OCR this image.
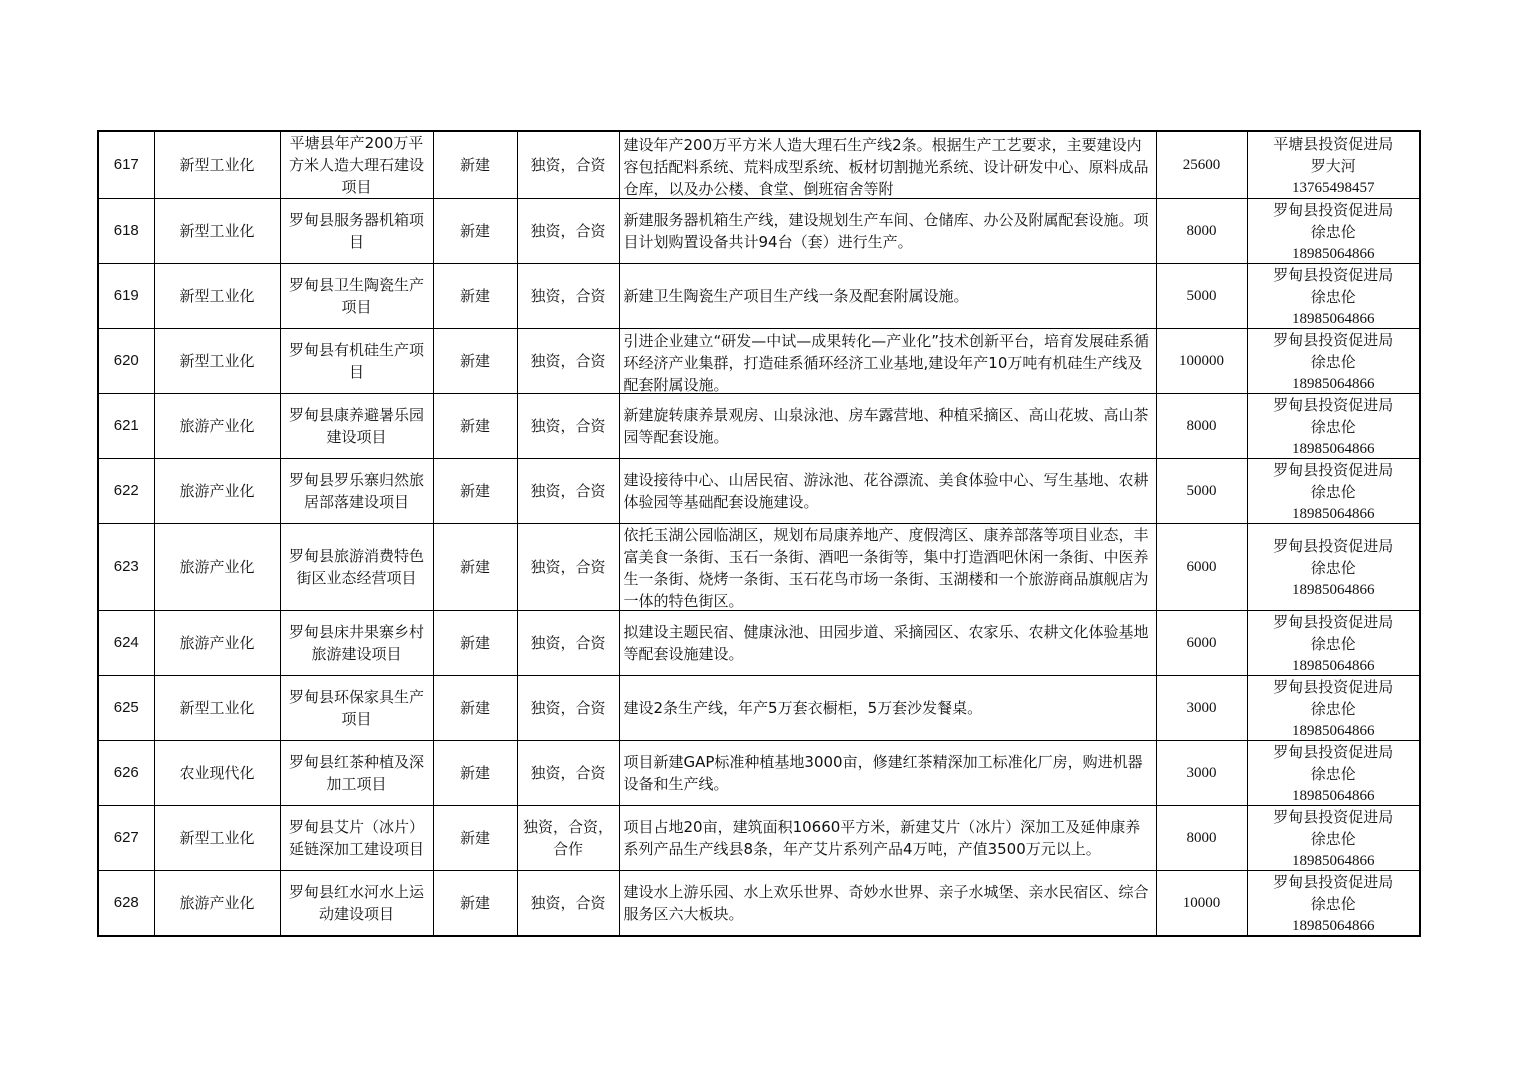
617	新型工业化	平塘县年产200万平方米人造大理石建设项目	新建	独资，合资	建设年产200万平方米人造大理石生产线2条。根据生产工艺要求，主要建设内容包括配料系统、荒料成型系统、板材切割抛光系统、设计研发中心、原料成品仓库，以及办公楼、食堂、倒班宿舍等附	25600	平塘县投资促进局
罗大河
13765498457

618	新型工业化	罗甸县服务器机箱项目	新建	独资，合资	新建服务器机箱生产线，建设规划生产车间、仓储库、办公及附属配套设施。项目计划购置设备共计94台（套）进行生产。	8000	罗甸县投资促进局
徐忠伦
18985064866

619	新型工业化	罗甸县卫生陶瓷生产项目	新建	独资，合资	新建卫生陶瓷生产项目生产线一条及配套附属设施。	5000	罗甸县投资促进局
徐忠伦
18985064866

620	新型工业化	罗甸县有机硅生产项目	新建	独资，合资	引进企业建立“研发—中试—成果转化—产业化”技术创新平台，培育发展硅系循环经济产业集群，打造硅系循环经济工业基地,建设年产10万吨有机硅生产线及配套附属设施。	100000	罗甸县投资促进局
徐忠伦
18985064866

621	旅游产业化	罗甸县康养避暑乐园建设项目	新建	独资，合资	新建旋转康养景观房、山泉泳池、房车露营地、种植采摘区、高山花坡、高山茶园等配套设施。	8000	罗甸县投资促进局
徐忠伦
18985064866

622	旅游产业化	罗甸县罗乐寨归然旅居部落建设项目	新建	独资，合资	建设接待中心、山居民宿、游泳池、花谷漂流、美食体验中心、写生基地、农耕体验园等基础配套设施建设。	5000	罗甸县投资促进局
徐忠伦
18985064866

623	旅游产业化	罗甸县旅游消费特色街区业态经营项目	新建	独资，合资	依托玉湖公园临湖区，规划布局康养地产、度假湾区、康养部落等项目业态，丰富美食一条街、玉石一条街、酒吧一条街等，集中打造酒吧休闲一条街、中医养生一条街、烧烤一条街、玉石花鸟市场一条街、玉湖楼和一个旅游商品旗舰店为一体的特色街区。	6000	罗甸县投资促进局
徐忠伦
18985064866

624	旅游产业化	罗甸县床井果寨乡村旅游建设项目	新建	独资，合资	拟建设主题民宿、健康泳池、田园步道、采摘园区、农家乐、农耕文化体验基地等配套设施建设。	6000	罗甸县投资促进局
徐忠伦
18985064866

625	新型工业化	罗甸县环保家具生产项目	新建	独资，合资	建设2条生产线，年产5万套衣橱柜，5万套沙发餐桌。	3000	罗甸县投资促进局
徐忠伦
18985064866

626	农业现代化	罗甸县红茶种植及深加工项目	新建	独资，合资	项目新建GAP标准种植基地3000亩，修建红茶精深加工标准化厂房，购进机器设备和生产线。	3000	罗甸县投资促进局
徐忠伦
18985064866

627	新型工业化	罗甸县艾片（冰片）延链深加工建设项目	新建	独资，合资，合作	项目占地20亩，建筑面积10660平方米，新建艾片（冰片）深加工及延伸康养系列产品生产线县8条，年产艾片系列产品4万吨，产值3500万元以上。	8000	罗甸县投资促进局
徐忠伦
18985064866

628	旅游产业化	罗甸县红水河水上运动建设项目	新建	独资，合资	建设水上游乐园、水上欢乐世界、奇妙水世界、亲子水城堡、亲水民宿区、综合服务区六大板块。	10000	罗甸县投资促进局
徐忠伦
18985064866
